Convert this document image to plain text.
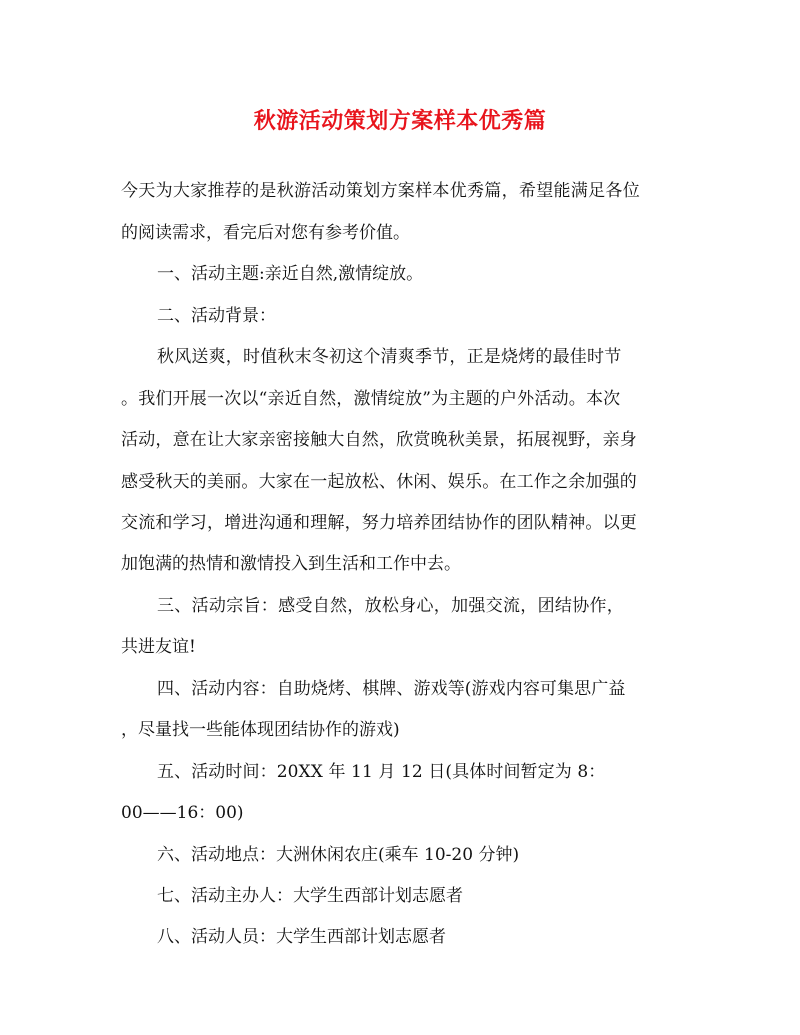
秋游活动策划方案样本优秀篇
今天为大家推荐的是秋游活动策划方案样本优秀篇，希望能满足各位
的阅读需求，看完后对您有参考价值。
一、活动主题:亲近自然,激情绽放。
二、活动背景：
秋风送爽，时值秋末冬初这个清爽季节，正是烧烤的最佳时节
。我们开展一次以“亲近自然，激情绽放”为主题的户外活动。本次
活动，意在让大家亲密接触大自然，欣赏晚秋美景，拓展视野，亲身
感受秋天的美丽。大家在一起放松、休闲、娱乐。在工作之余加强的
交流和学习，增进沟通和理解，努力培养团结协作的团队精神。以更
加饱满的热情和激情投入到生活和工作中去。
三、活动宗旨：感受自然，放松身心，加强交流，团结协作，
共进友谊!
四、活动内容：自助烧烤、棋牌、游戏等(游戏内容可集思广益
，尽量找一些能体现团结协作的游戏)
五、活动时间：20XX 年 11 月 12 日(具体时间暂定为 8：
00——16：00)
六、活动地点：大洲休闲农庄(乘车 10-20 分钟)
七、活动主办人：大学生西部计划志愿者
八、活动人员：大学生西部计划志愿者
